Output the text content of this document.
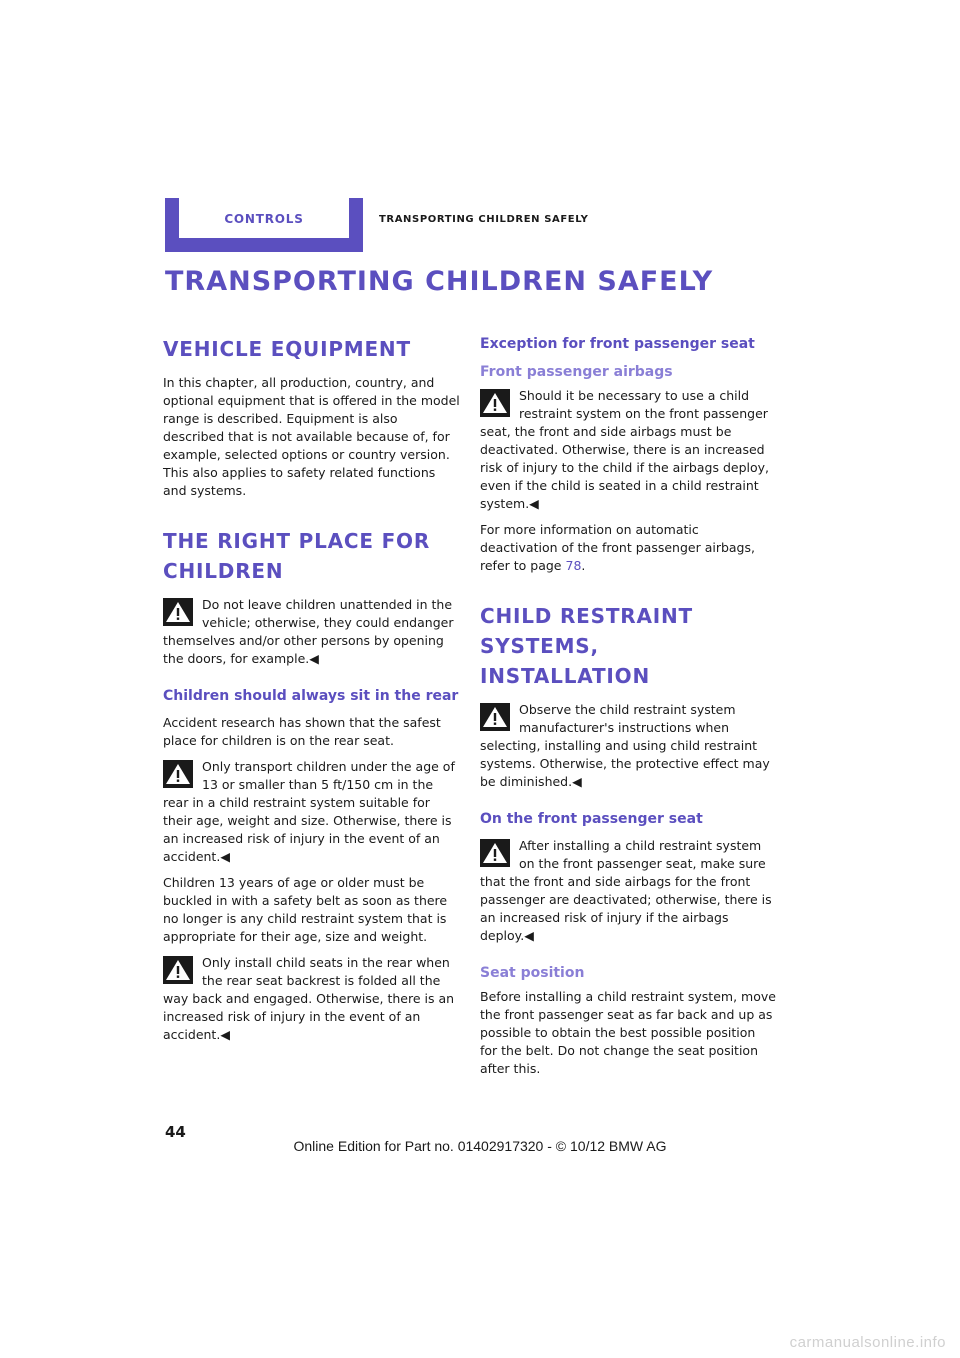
CONTROLS	TRANSPORTING CHILDREN SAFELY
TRANSPORTING CHILDREN SAFELY
VEHICLE EQUIPMENT

In this chapter, all production, country, and optional equipment that is offered in the model range is described. Equipment is also described that is not available because of, for example, selected options or country version. This also applies to safety related functions and systems.

THE RIGHT PLACE FOR CHILDREN
Do not leave children unattended in the vehicle; otherwise, they could endanger themselves and/or other persons by opening the doors, for example.◀
Children should always sit in the rear

Accident research has shown that the safest place for children is on the rear seat.

Only transport children under the age of 13 or smaller than 5 ft/150 cm in the rear in a child restraint system suitable for their age, weight and size. Otherwise, there is an increased risk of injury in the event of an accident.◀

Children 13 years of age or older must be buckled in with a safety belt as soon as there no longer is any child restraint system that is appropriate for their age, size and weight.

Only install child seats in the rear when the rear seat backrest is folded all the way back and engaged. Otherwise, there is an increased risk of injury in the event of an accident.◀
Exception for front passenger seat
Front passenger airbags
Should it be necessary to use a child restraint system on the front passenger seat, the front and side airbags must be deactivated. Otherwise, there is an increased risk of injury to the child if the airbags deploy, even if the child is seated in a child restraint system.◀

For more information on automatic deactivation of the front passenger airbags, refer to page 78.

CHILD RESTRAINT SYSTEMS, INSTALLATION
Observe the child restraint system manufacturer's instructions when selecting, installing and using child restraint systems. Otherwise, the protective effect may be diminished.◀
On the front passenger seat
After installing a child restraint system on the front passenger seat, make sure that the front and side airbags for the front passenger are deactivated; otherwise, there is an increased risk of injury if the airbags deploy.◀
Seat position

Before installing a child restraint system, move the front passenger seat as far back and up as possible to obtain the best possible position for the belt. Do not change the seat position after this.

44
Online Edition for Part no. 01402917320 - © 10/12 BMW AG
carmanualsonline.info
